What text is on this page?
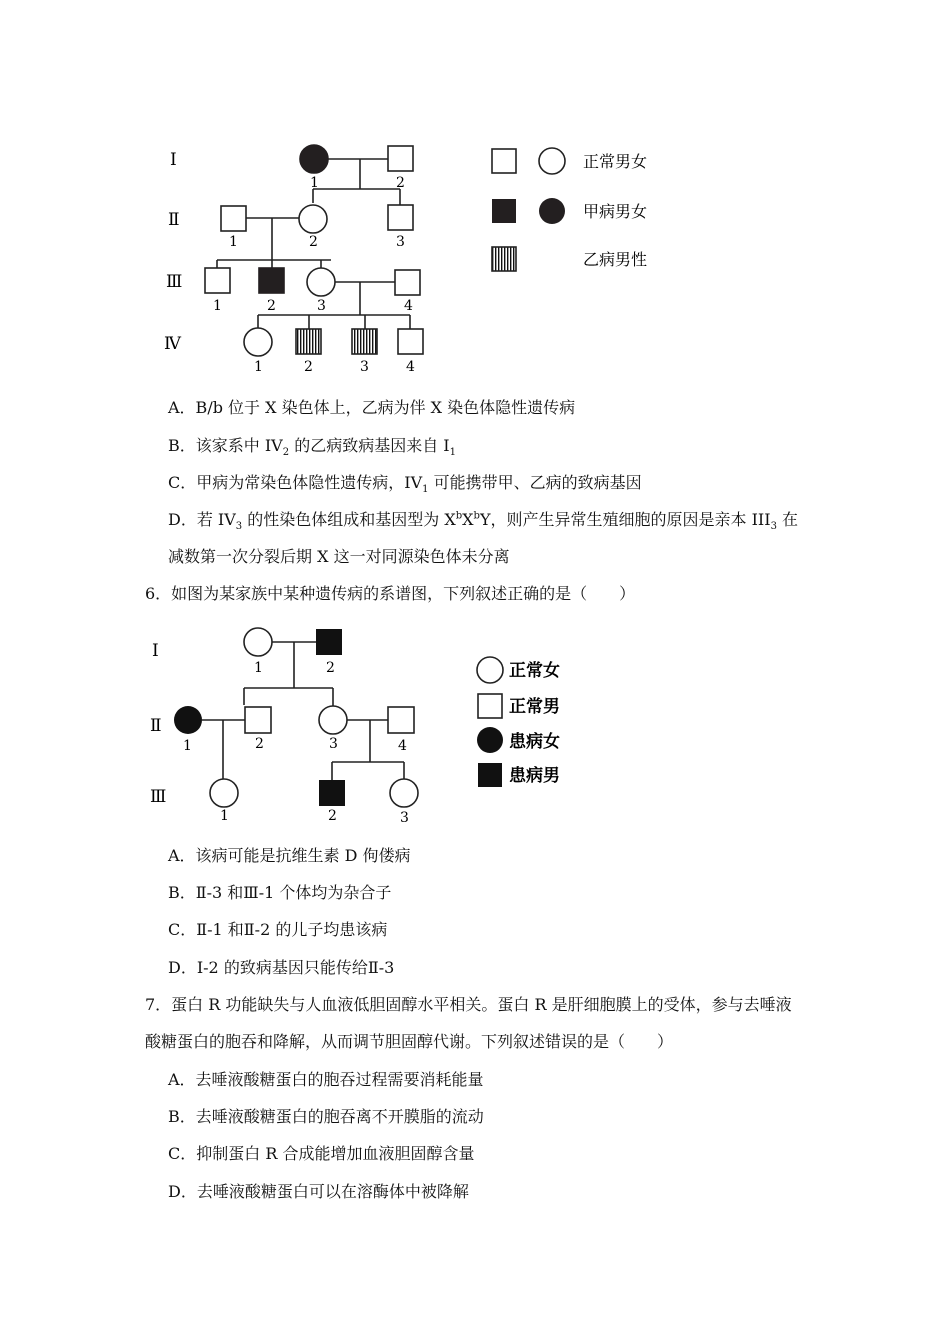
I
Ⅱ
Ⅲ
Ⅳ
1	2
1	2	3
1	2	3	4
1	2	3	4
正常男女
甲病男女
乙病男性
A．B/b 位于 X 染色体上，乙病为伴 X 染色体隐性遗传病
B．该家系中 $IV_2$ 的乙病致病基因来自 $I_1$
C．甲病为常染色体隐性遗传病，$IV_1$ 可能携带甲、乙病的致病基因
D．若 $IV_3$ 的性染色体组成和基因型为 $X^bX^bY$，则产生异常生殖细胞的原因是亲本 $III_3$ 在
减数第一次分裂后期 X 这一对同源染色体未分离
6．如图为某家族中某种遗传病的系谱图，下列叙述正确的是（　　）
I
Ⅱ
Ⅲ
1	2
1	2	3	4
1	2	3
正常女
正常男
患病女
患病男
A．该病可能是抗维生素 D 佝偻病
B．Ⅱ-3 和Ⅲ-1 个体均为杂合子
C．Ⅱ-1 和Ⅱ-2 的儿子均患该病
D．Ⅰ-2 的致病基因只能传给Ⅱ-3
7．蛋白 R 功能缺失与人血液低胆固醇水平相关。蛋白 R 是肝细胞膜上的受体，参与去唾液
酸糖蛋白的胞吞和降解，从而调节胆固醇代谢。下列叙述错误的是（　　）
A．去唾液酸糖蛋白的胞吞过程需要消耗能量
B．去唾液酸糖蛋白的胞吞离不开膜脂的流动
C．抑制蛋白 R 合成能增加血液胆固醇含量
D．去唾液酸糖蛋白可以在溶酶体中被降解
